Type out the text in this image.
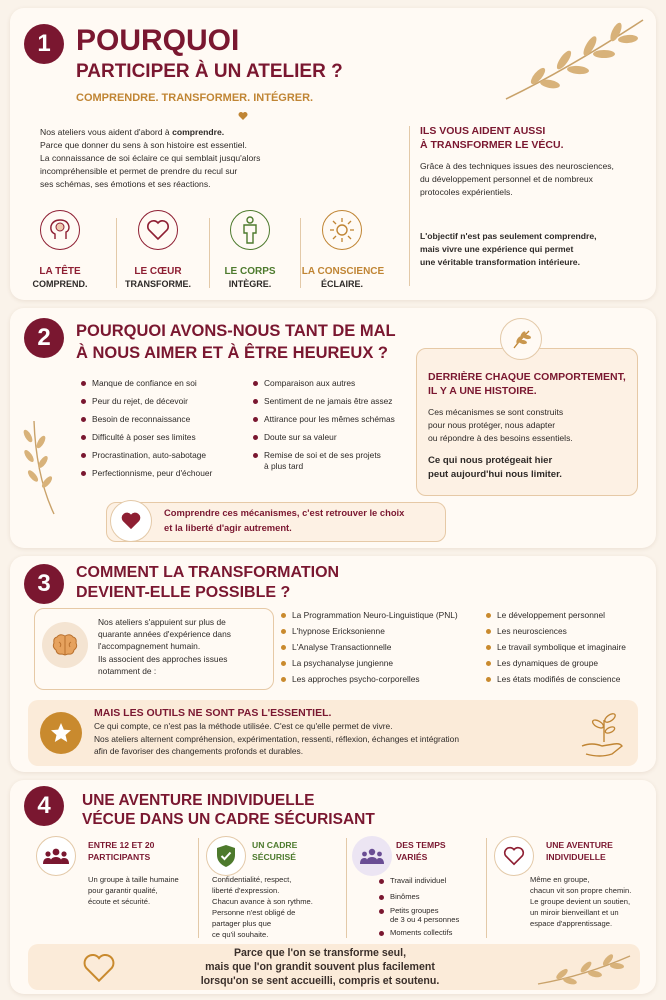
1 POURQUOI
PARTICIPER À UN ATELIER ?
COMPRENDRE. TRANSFORMER. INTÉGRER.
Nos ateliers vous aident d'abord à comprendre.
Parce que donner du sens à son histoire est essentiel.
La connaissance de soi éclaire ce qui semblait jusqu'alors
incompréhensible et permet de prendre du recul sur
ses schémas, ses émotions et ses réactions.
LA TÊTE
COMPREND.
LE CŒUR
TRANSFORME.
LE CORPS
INTÈGRE.
LA CONSCIENCE
ÉCLAIRE.
ILS VOUS AIDENT AUSSI
À TRANSFORMER LE VÉCU.
Grâce à des techniques issues des neurosciences,
du développement personnel et de nombreux
protocoles expérientiels.
L'objectif n'est pas seulement comprendre,
mais vivre une expérience qui permet
une véritable transformation intérieure.
2	POURQUOI AVONS-NOUS TANT DE MAL
À NOUS AIMER ET À ÊTRE HEUREUX ?
Manque de confiance en soi
Peur du rejet, de décevoir
Besoin de reconnaissance
Difficulté à poser ses limites
Procrastination, auto-sabotage
Perfectionnisme, peur d'échouer
Comparaison aux autres
Sentiment de ne jamais être assez
Attirance pour les mêmes schémas
Doute sur sa valeur
Remise de soi et de ses projets
à plus tard
DERRIÈRE CHAQUE COMPORTEMENT,
IL Y A UNE HISTOIRE.
Ces mécanismes se sont construits
pour nous protéger, nous adapter
ou répondre à des besoins essentiels.
Ce qui nous protégeait hier
peut aujourd'hui nous limiter.
Comprendre ces mécanismes, c'est retrouver le choix
et la liberté d'agir autrement.
3	COMMENT LA TRANSFORMATION
DEVIENT-ELLE POSSIBLE ?
Nos ateliers s'appuient sur plus de
quarante années d'expérience dans
l'accompagnement humain.
Ils associent des approches issues
notamment de :
La Programmation Neuro-Linguistique (PNL)
L'hypnose Ericksonienne
L'Analyse Transactionnelle
La psychanalyse jungienne
Les approches psycho-corporelles
Le développement personnel
Les neurosciences
Le travail symbolique et imaginaire
Les dynamiques de groupe
Les états modifiés de conscience
MAIS LES OUTILS NE SONT PAS L'ESSENTIEL.
Ce qui compte, ce n'est pas la méthode utilisée. C'est ce qu'elle permet de vivre.
Nos ateliers alternent compréhension, expérimentation, ressenti, réflexion, échanges et intégration
afin de favoriser des changements profonds et durables.
4	UNE AVENTURE INDIVIDUELLE
VÉCUE DANS UN CADRE SÉCURISANT
ENTRE 12 ET 20
PARTICIPANTS
Un groupe à taille humaine
pour garantir qualité,
écoute et sécurité.
UN CADRE
SÉCURISÉ
Confidentialité, respect,
liberté d'expression.
Chacun avance à son rythme.
Personne n'est obligé de
partager plus que
ce qu'il souhaite.
DES TEMPS
VARIÉS
Travail individuel
Binômes
Petits groupes
de 3 ou 4 personnes
Moments collectifs
UNE AVENTURE
INDIVIDUELLE
Même en groupe,
chacun vit son propre chemin.
Le groupe devient un soutien,
un miroir bienveillant et un
espace d'apprentissage.
Parce que l'on se transforme seul,
mais que l'on grandit souvent plus facilement
lorsqu'on se sent accueilli, compris et soutenu.
